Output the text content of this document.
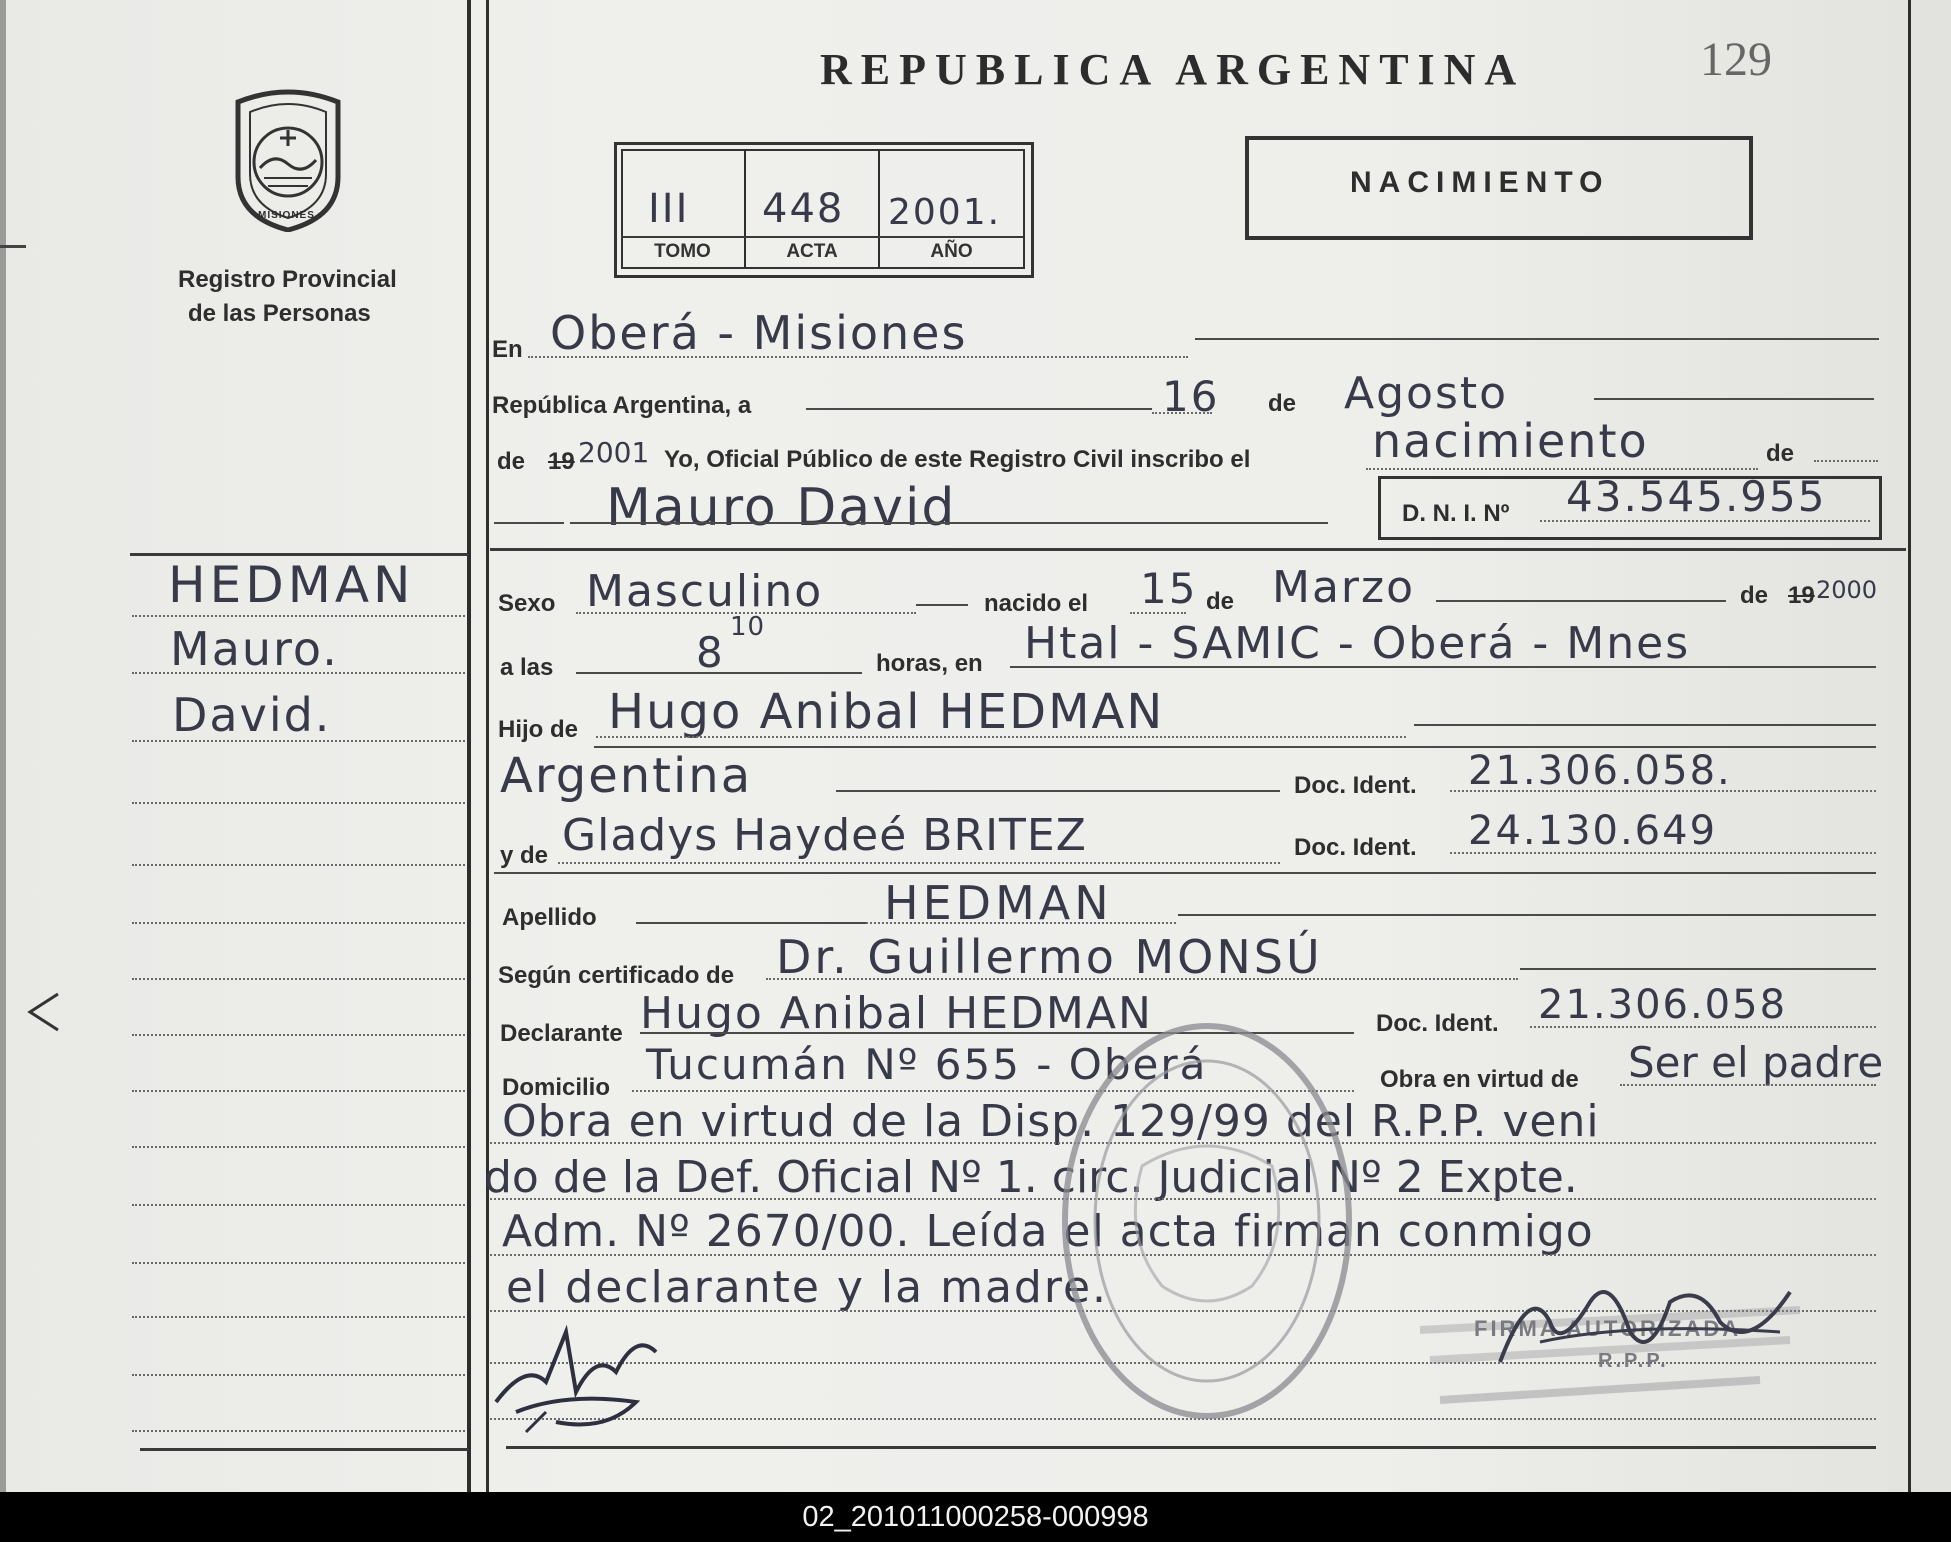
REPUBLICA ARGENTINA	129
MISIONES
Registro Provincial
de las Personas
III 448 2001.
TOMO	ACTA	AÑO
NACIMIENTO
HEDMAN
Mauro.
David.
En Oberá - Misiones
República Argentina, a	16 de Agosto
de 19 2001 Yo, Oficial Público de este Registro Civil inscribo el	nacimiento	de
Mauro David	D. N. I. Nº 43.545.955
Sexo Masculino	nacido el 15 de Marzo	de 19 2000
a las	8
10
horas, en Htal - SAMIC - Oberá - Mnes
Hijo de Hugo Anibal HEDMAN
Argentina	Doc. Ident. 21.306.058.
y de Gladys Haydeé BRITEZ	Doc. Ident. 24.130.649
Apellido	HEDMAN
Según certificado de Dr. Guillermo MONSÚ
Declarante Hugo Anibal HEDMAN	Doc. Ident. 21.306.058
Domicilio Tucumán Nº 655 - Oberá	Obra en virtud de Ser el padre
Obra en virtud de la Disp. 129/99 del R.P.P. veni
do de la Def. Oficial Nº 1. circ. Judicial Nº 2 Expte.
Adm. Nº 2670/00. Leída el acta firman conmigo
el declarante y la madre.
FIRMA AUTORIZADA
R.P.P.
02_201011000258-000998
